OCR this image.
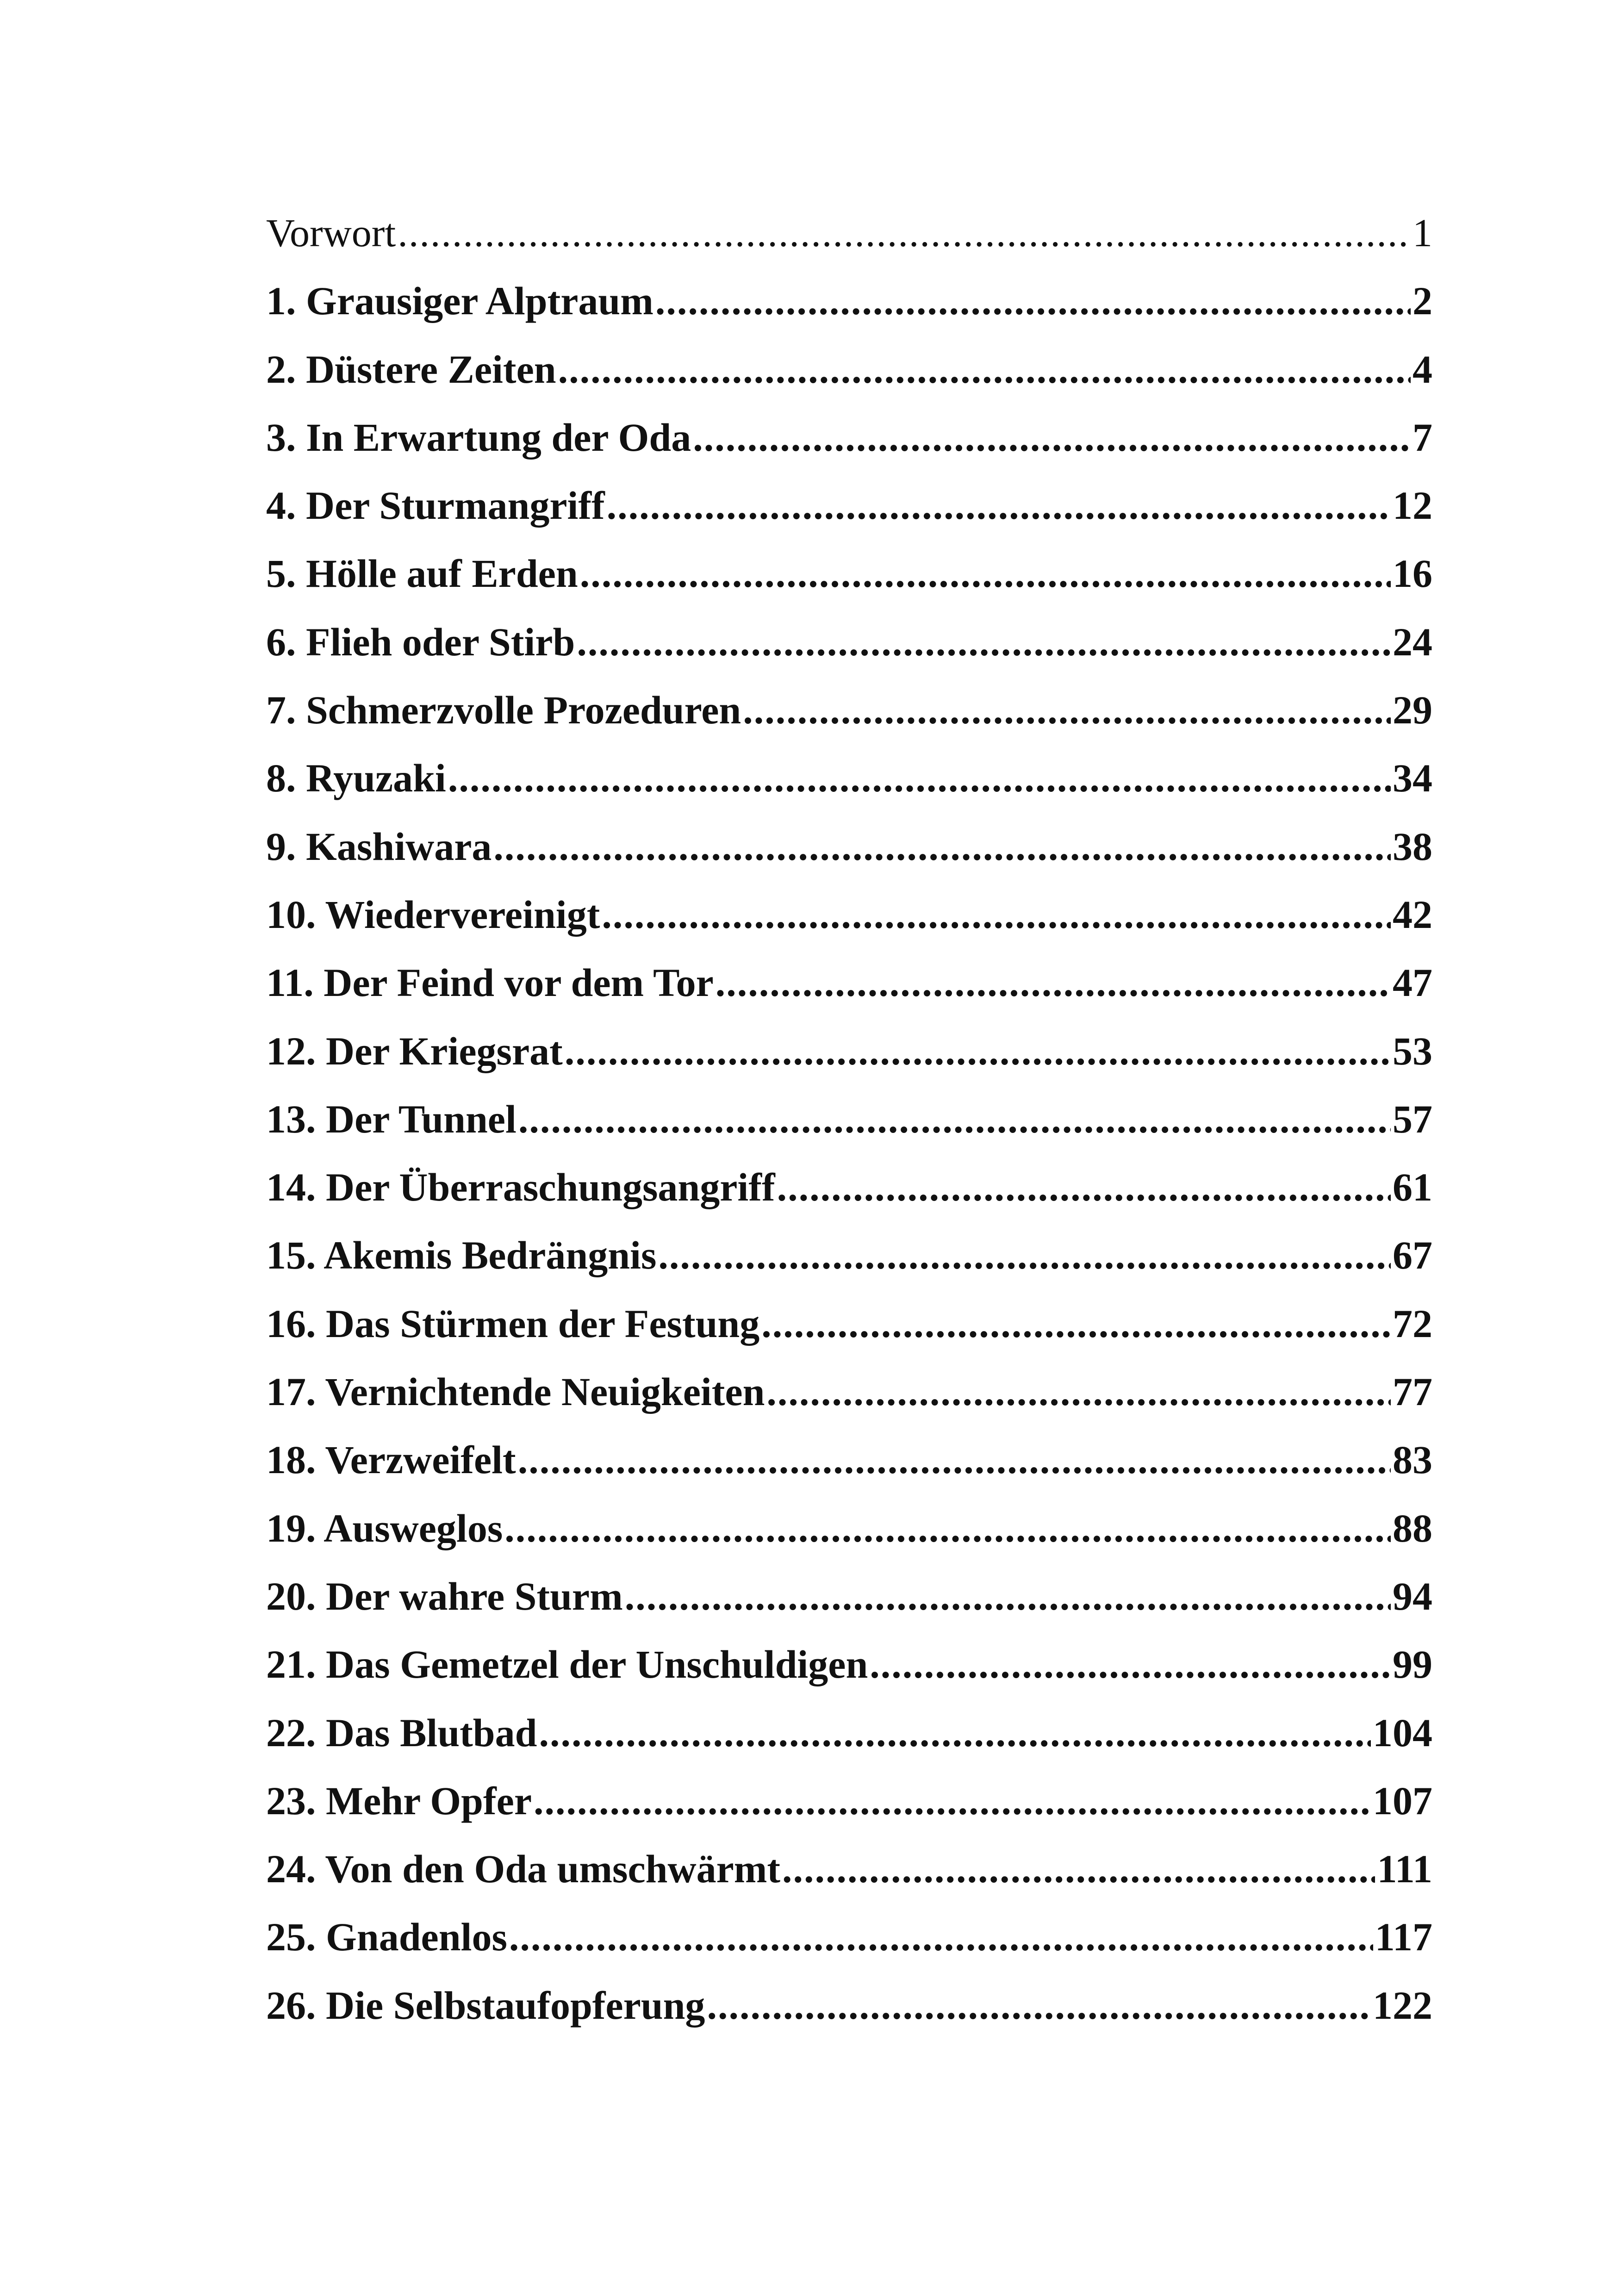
Vorwort .....	1
1. Grausiger Alptraum .....	2
2. Düstere Zeiten .....	4
3. In Erwartung der Oda .....	7
4. Der Sturmangriff .....	12
5. Hölle auf Erden .....	16
6. Flieh oder Stirb .....	24
7. Schmerzvolle Prozeduren .....	29
8. Ryuzaki .....	34
9. Kashiwara .....	38
10. Wiedervereinigt .....	42
11. Der Feind vor dem Tor .....	47
12. Der Kriegsrat .....	53
13. Der Tunnel .....	57
14. Der Überraschungsangriff .....	61
15. Akemis Bedrängnis .....	67
16. Das Stürmen der Festung .....	72
17. Vernichtende Neuigkeiten .....	77
18. Verzweifelt .....	83
19. Ausweglos .....	88
20. Der wahre Sturm .....	94
21. Das Gemetzel der Unschuldigen .....	99
22. Das Blutbad .....	104
23. Mehr Opfer .....	107
24. Von den Oda umschwärmt .....	111
25. Gnadenlos .....	117
26. Die Selbstaufopferung .....	122
